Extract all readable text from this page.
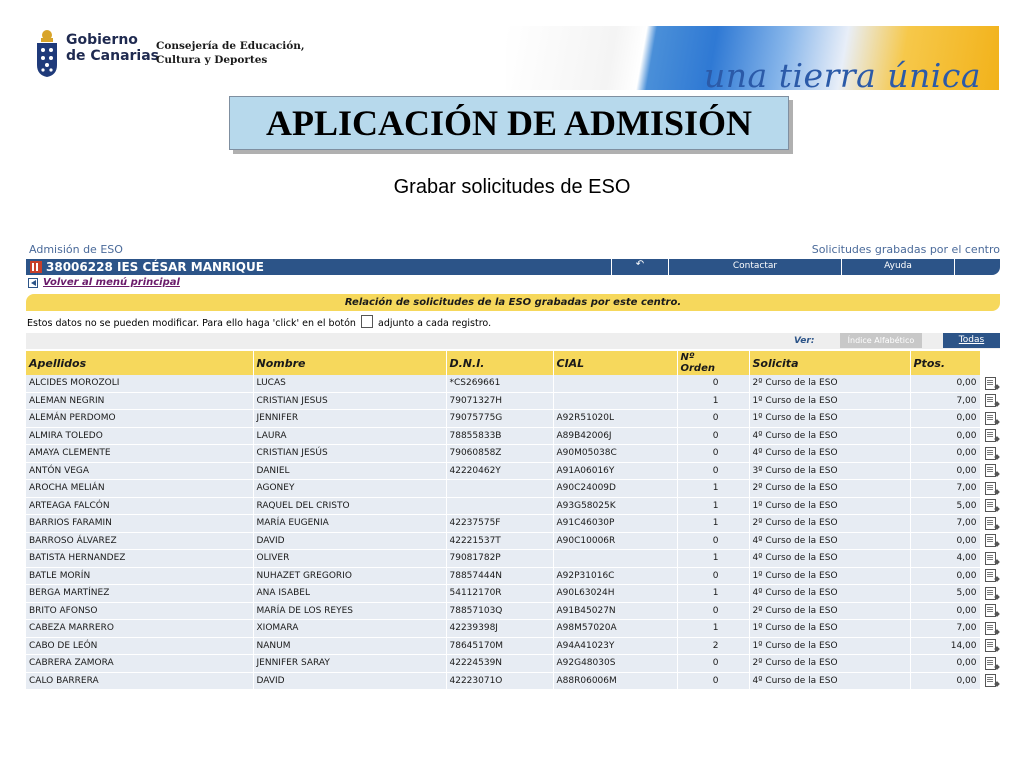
Gobierno
de Canarias
Consejería de Educación,
Cultura y Deportes	una tierra única
APLICACIÓN DE ADMISIÓN
Grabar solicitudes de ESO
Admisión de ESO	Solicitudes grabadas por el centro
38006228 IES CÉSAR MANRIQUE	↶	Contactar	Ayuda
Volver al menú principal
Relación de solicitudes de la ESO grabadas por este centro.
Estos datos no se pueden modificar. Para ello haga 'click' en el botón adjunto a cada registro.
Ver:	Índice Alfabético	Todas
Apellidos	Nombre	D.N.I.	CIAL	Nº
Orden	Solicita	Ptos.	
ALCIDES MOROZOLI	LUCAS	*CS269661		0	2º Curso de la ESO	0,00	
ALEMAN NEGRIN	CRISTIAN JESUS	79071327H		1	1º Curso de la ESO	7,00	
ALEMÁN PERDOMO	JENNIFER	79075775G	A92R51020L	0	1º Curso de la ESO	0,00	
ALMIRA TOLEDO	LAURA	78855833B	A89B42006J	0	4º Curso de la ESO	0,00	
AMAYA CLEMENTE	CRISTIAN JESÚS	79060858Z	A90M05038C	0	4º Curso de la ESO	0,00	
ANTÓN VEGA	DANIEL	42220462Y	A91A06016Y	0	3º Curso de la ESO	0,00	
AROCHA MELIÁN	AGONEY		A90C24009D	1	2º Curso de la ESO	7,00	
ARTEAGA FALCÓN	RAQUEL DEL CRISTO		A93G58025K	1	1º Curso de la ESO	5,00	
BARRIOS FARAMIN	MARÍA EUGENIA	42237575F	A91C46030P	1	2º Curso de la ESO	7,00	
BARROSO ÁLVAREZ	DAVID	42221537T	A90C10006R	0	4º Curso de la ESO	0,00	
BATISTA HERNANDEZ	OLIVER	79081782P		1	4º Curso de la ESO	4,00	
BATLE MORÍN	NUHAZET GREGORIO	78857444N	A92P31016C	0	1º Curso de la ESO	0,00	
BERGA MARTÍNEZ	ANA ISABEL	54112170R	A90L63024H	1	4º Curso de la ESO	5,00	
BRITO AFONSO	MARÍA DE LOS REYES	78857103Q	A91B45027N	0	2º Curso de la ESO	0,00	
CABEZA MARRERO	XIOMARA	42239398J	A98M57020A	1	1º Curso de la ESO	7,00	
CABO DE LEÓN	NANUM	78645170M	A94A41023Y	2	1º Curso de la ESO	14,00	
CABRERA ZAMORA	JENNIFER SARAY	42224539N	A92G48030S	0	2º Curso de la ESO	0,00	
CALO BARRERA	DAVID	42223071O	A88R06006M	0	4º Curso de la ESO	0,00	
